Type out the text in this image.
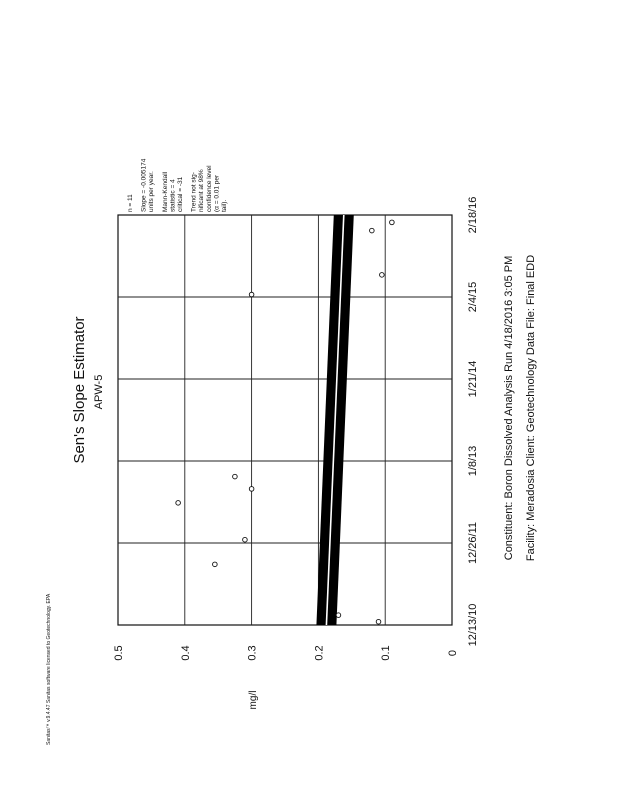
0
0.1
0.2
0.3
0.4
0.5
12/13/10
12/26/11
1/8/13
1/21/14
2/4/15
2/18/16
mg/l
Sen's Slope Estimator APW-5
n = 11 Slope = -0.005174 units per year. Mann-Kendall statistic = 4 critical = -31 Trend not sig- nificant at 98% confidence level (α = 0.01 per tail).
Constituent: Boron Dissolved Analysis Run 4/18/2016 3:05 PM Facility: Meradosia Client: Geotechnology Data File: Final EDD
Sanitas™ v.9.4.47 Sanitas software licensed to Geotechnology. EPA
